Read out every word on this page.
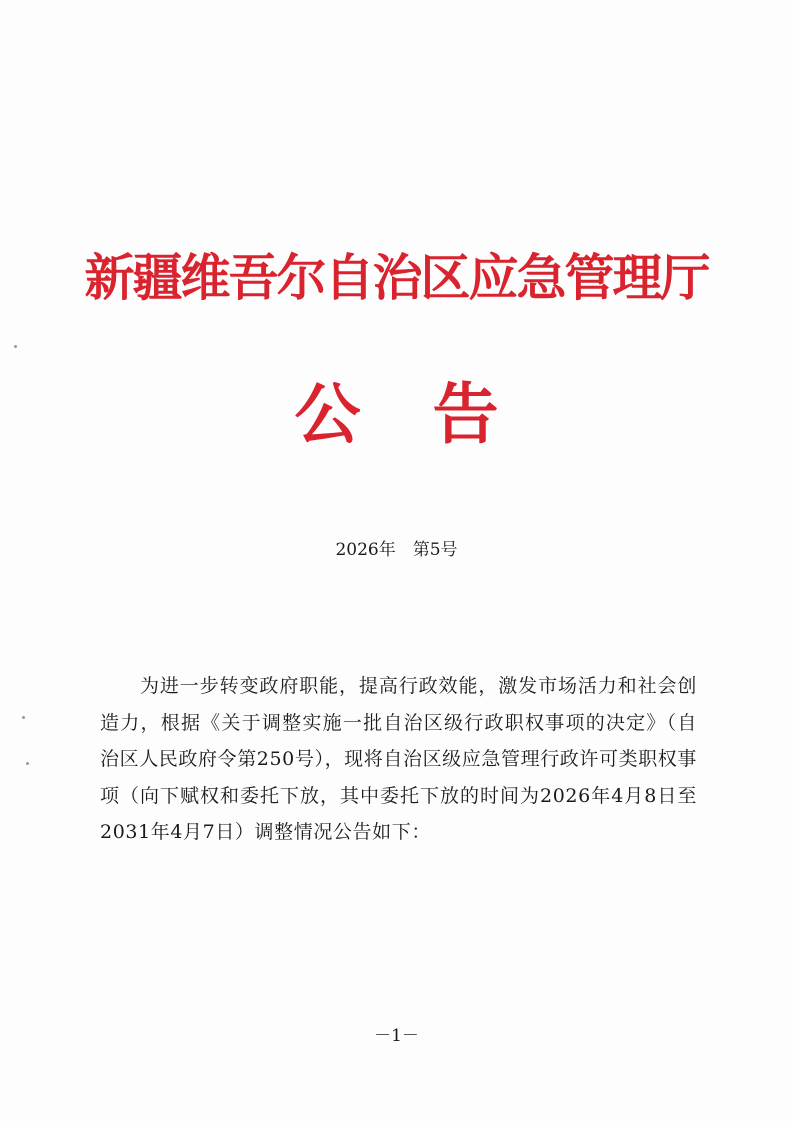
新疆维吾尔自治区应急管理厅
公告
2026年　第5号
为进一步转变政府职能，提高行政效能，激发市场活力和社会创造力，根据《关于调整实施一批自治区级行政职权事项的决定》（自治区人民政府令第250号），现将自治区级应急管理行政许可类职权事项（向下赋权和委托下放，其中委托下放的时间为2026年4月8日至2031年4月7日）调整情况公告如下：
－1－
